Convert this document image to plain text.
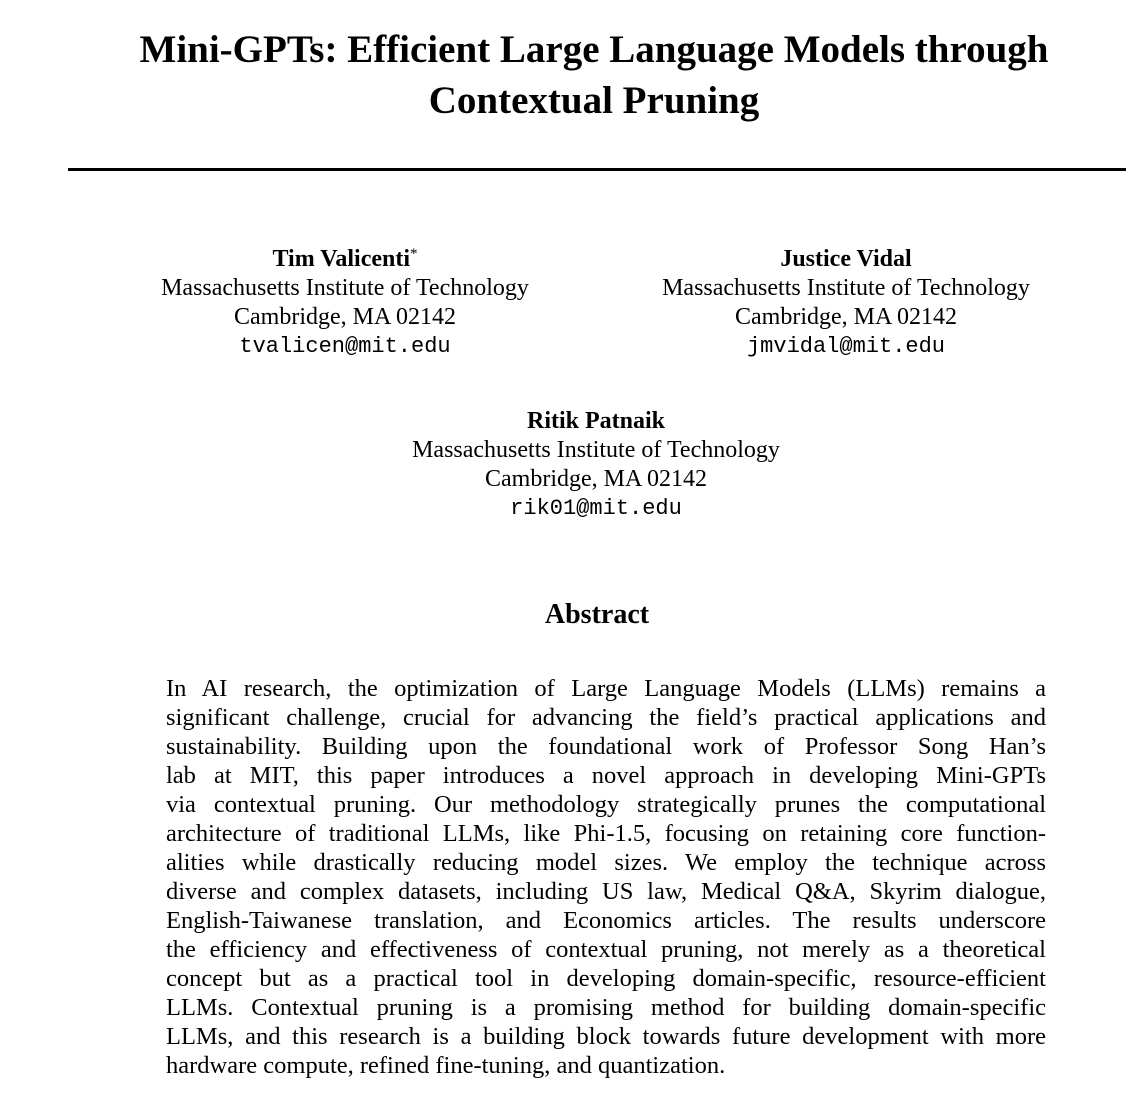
Mini-GPTs: Efficient Large Language Models through
Contextual Pruning
Tim Valicenti*
Massachusetts Institute of Technology
Cambridge, MA 02142
tvalicen@mit.edu
Justice Vidal
Massachusetts Institute of Technology
Cambridge, MA 02142
jmvidal@mit.edu
Ritik Patnaik
Massachusetts Institute of Technology
Cambridge, MA 02142
rik01@mit.edu
Abstract

In AI research, the optimization of Large Language Models (LLMs) remains a
significant challenge, crucial for advancing the field’s practical applications and
sustainability. Building upon the foundational work of Professor Song Han’s
lab at MIT, this paper introduces a novel approach in developing Mini-GPTs
via contextual pruning. Our methodology strategically prunes the computational
architecture of traditional LLMs, like Phi-1.5, focusing on retaining core function-
alities while drastically reducing model sizes. We employ the technique across
diverse and complex datasets, including US law, Medical Q&A, Skyrim dialogue,
English-Taiwanese translation, and Economics articles. The results underscore
the efficiency and effectiveness of contextual pruning, not merely as a theoretical
concept but as a practical tool in developing domain-specific, resource-efficient
LLMs. Contextual pruning is a promising method for building domain-specific
LLMs, and this research is a building block towards future development with more
hardware compute, refined fine-tuning, and quantization.
